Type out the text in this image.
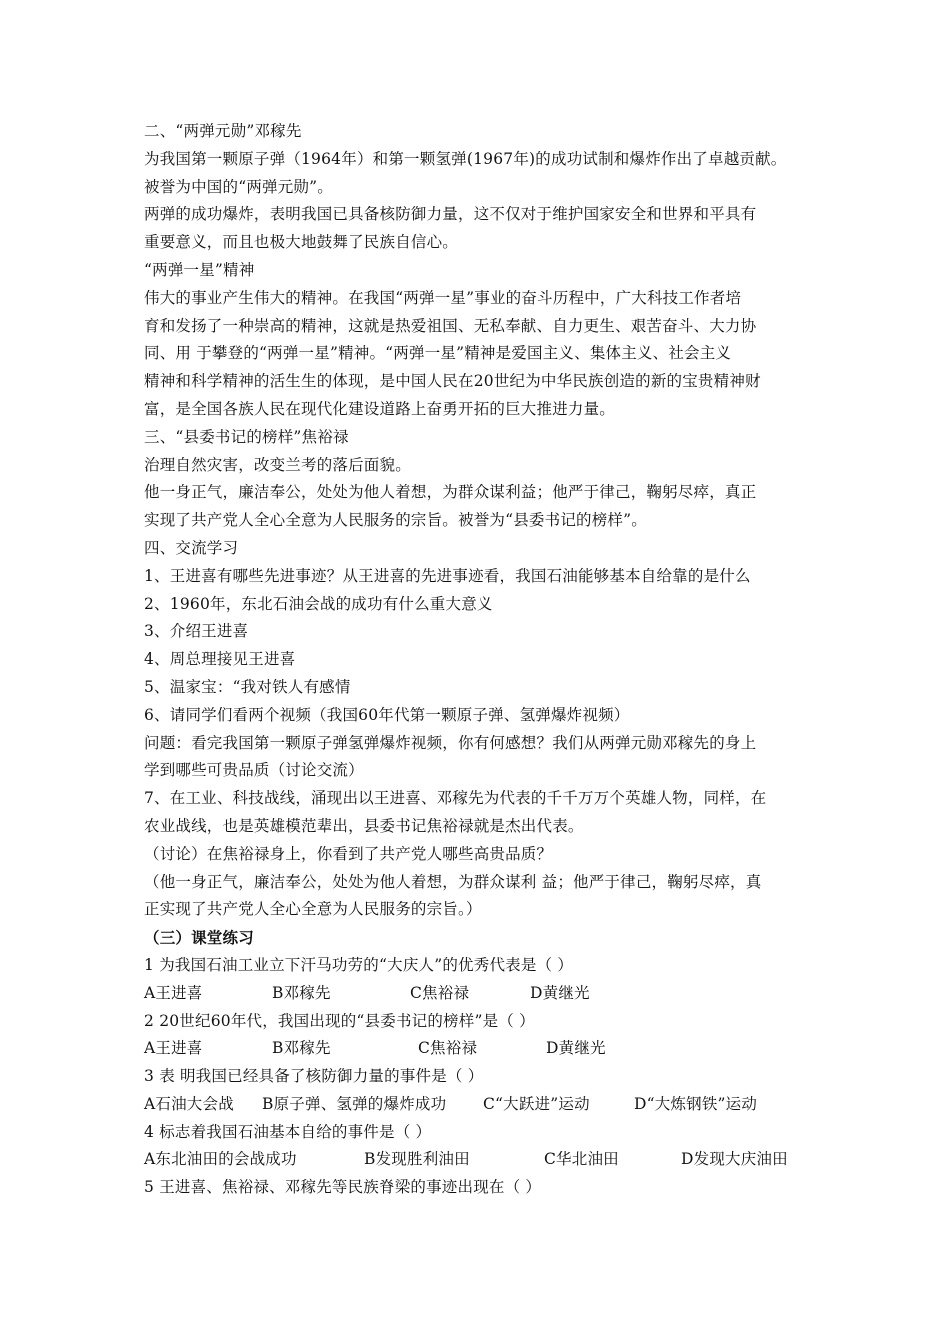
二、“两弹元勋”邓稼先
为我国第一颗原子弹（1964年）和第一颗氢弹(1967年)的成功试制和爆炸作出了卓越贡献。
被誉为中国的“两弹元勋”。
两弹的成功爆炸，表明我国已具备核防御力量，这不仅对于维护国家安全和世界和平具有
重要意义，而且也极大地鼓舞了民族自信心。
“两弹一星”精神
伟大的事业产生伟大的精神。在我国“两弹一星”事业的奋斗历程中，广大科技工作者培
育和发扬了一种崇高的精神，这就是热爱祖国、无私奉献、自力更生、艰苦奋斗、大力协
同、用 于攀登的“两弹一星”精神。“两弹一星”精神是爱国主义、集体主义、社会主义
精神和科学精神的活生生的体现，是中国人民在20世纪为中华民族创造的新的宝贵精神财
富，是全国各族人民在现代化建设道路上奋勇开拓的巨大推进力量。
三、“县委书记的榜样”焦裕禄
治理自然灾害，改变兰考的落后面貌。
他一身正气，廉洁奉公，处处为他人着想，为群众谋利益；他严于律己，鞠躬尽瘁，真正
实现了共产党人全心全意为人民服务的宗旨。被誉为“县委书记的榜样”。
四、交流学习
1、王进喜有哪些先进事迹？从王进喜的先进事迹看，我国石油能够基本自给靠的是什么
2、1960年，东北石油会战的成功有什么重大意义
3、介绍王进喜
4、周总理接见王进喜
5、温家宝：“我对铁人有感情
6、请同学们看两个视频（我国60年代第一颗原子弹、氢弹爆炸视频）
问题：看完我国第一颗原子弹氢弹爆炸视频，你有何感想？我们从两弹元勋邓稼先的身上
学到哪些可贵品质（讨论交流）
7、在工业、科技战线，涌现出以王进喜、邓稼先为代表的千千万万个英雄人物，同样，在
农业战线，也是英雄模范辈出，县委书记焦裕禄就是杰出代表。
（讨论）在焦裕禄身上，你看到了共产党人哪些高贵品质？
（他一身正气，廉洁奉公，处处为他人着想，为群众谋利 益；他严于律己，鞠躬尽瘁，真
正实现了共产党人全心全意为人民服务的宗旨。）
（三）课堂练习
1 为我国石油工业立下汗马功劳的“大庆人”的优秀代表是（ ）
A王进喜	B邓稼先	C焦裕禄	D黄继光
2 20世纪60年代，我国出现的“县委书记的榜样”是（ ）
A王进喜	B邓稼先	C焦裕禄	D黄继光
3 表 明我国已经具备了核防御力量的事件是（ ）
A石油大会战	B原子弹、氢弹的爆炸成功	C“大跃进”运动	D“大炼钢铁”运动
4 标志着我国石油基本自给的事件是（ ）
A东北油田的会战成功	B发现胜利油田	C华北油田	D发现大庆油田
5 王进喜、焦裕禄、邓稼先等民族脊梁的事迹出现在（ ）
